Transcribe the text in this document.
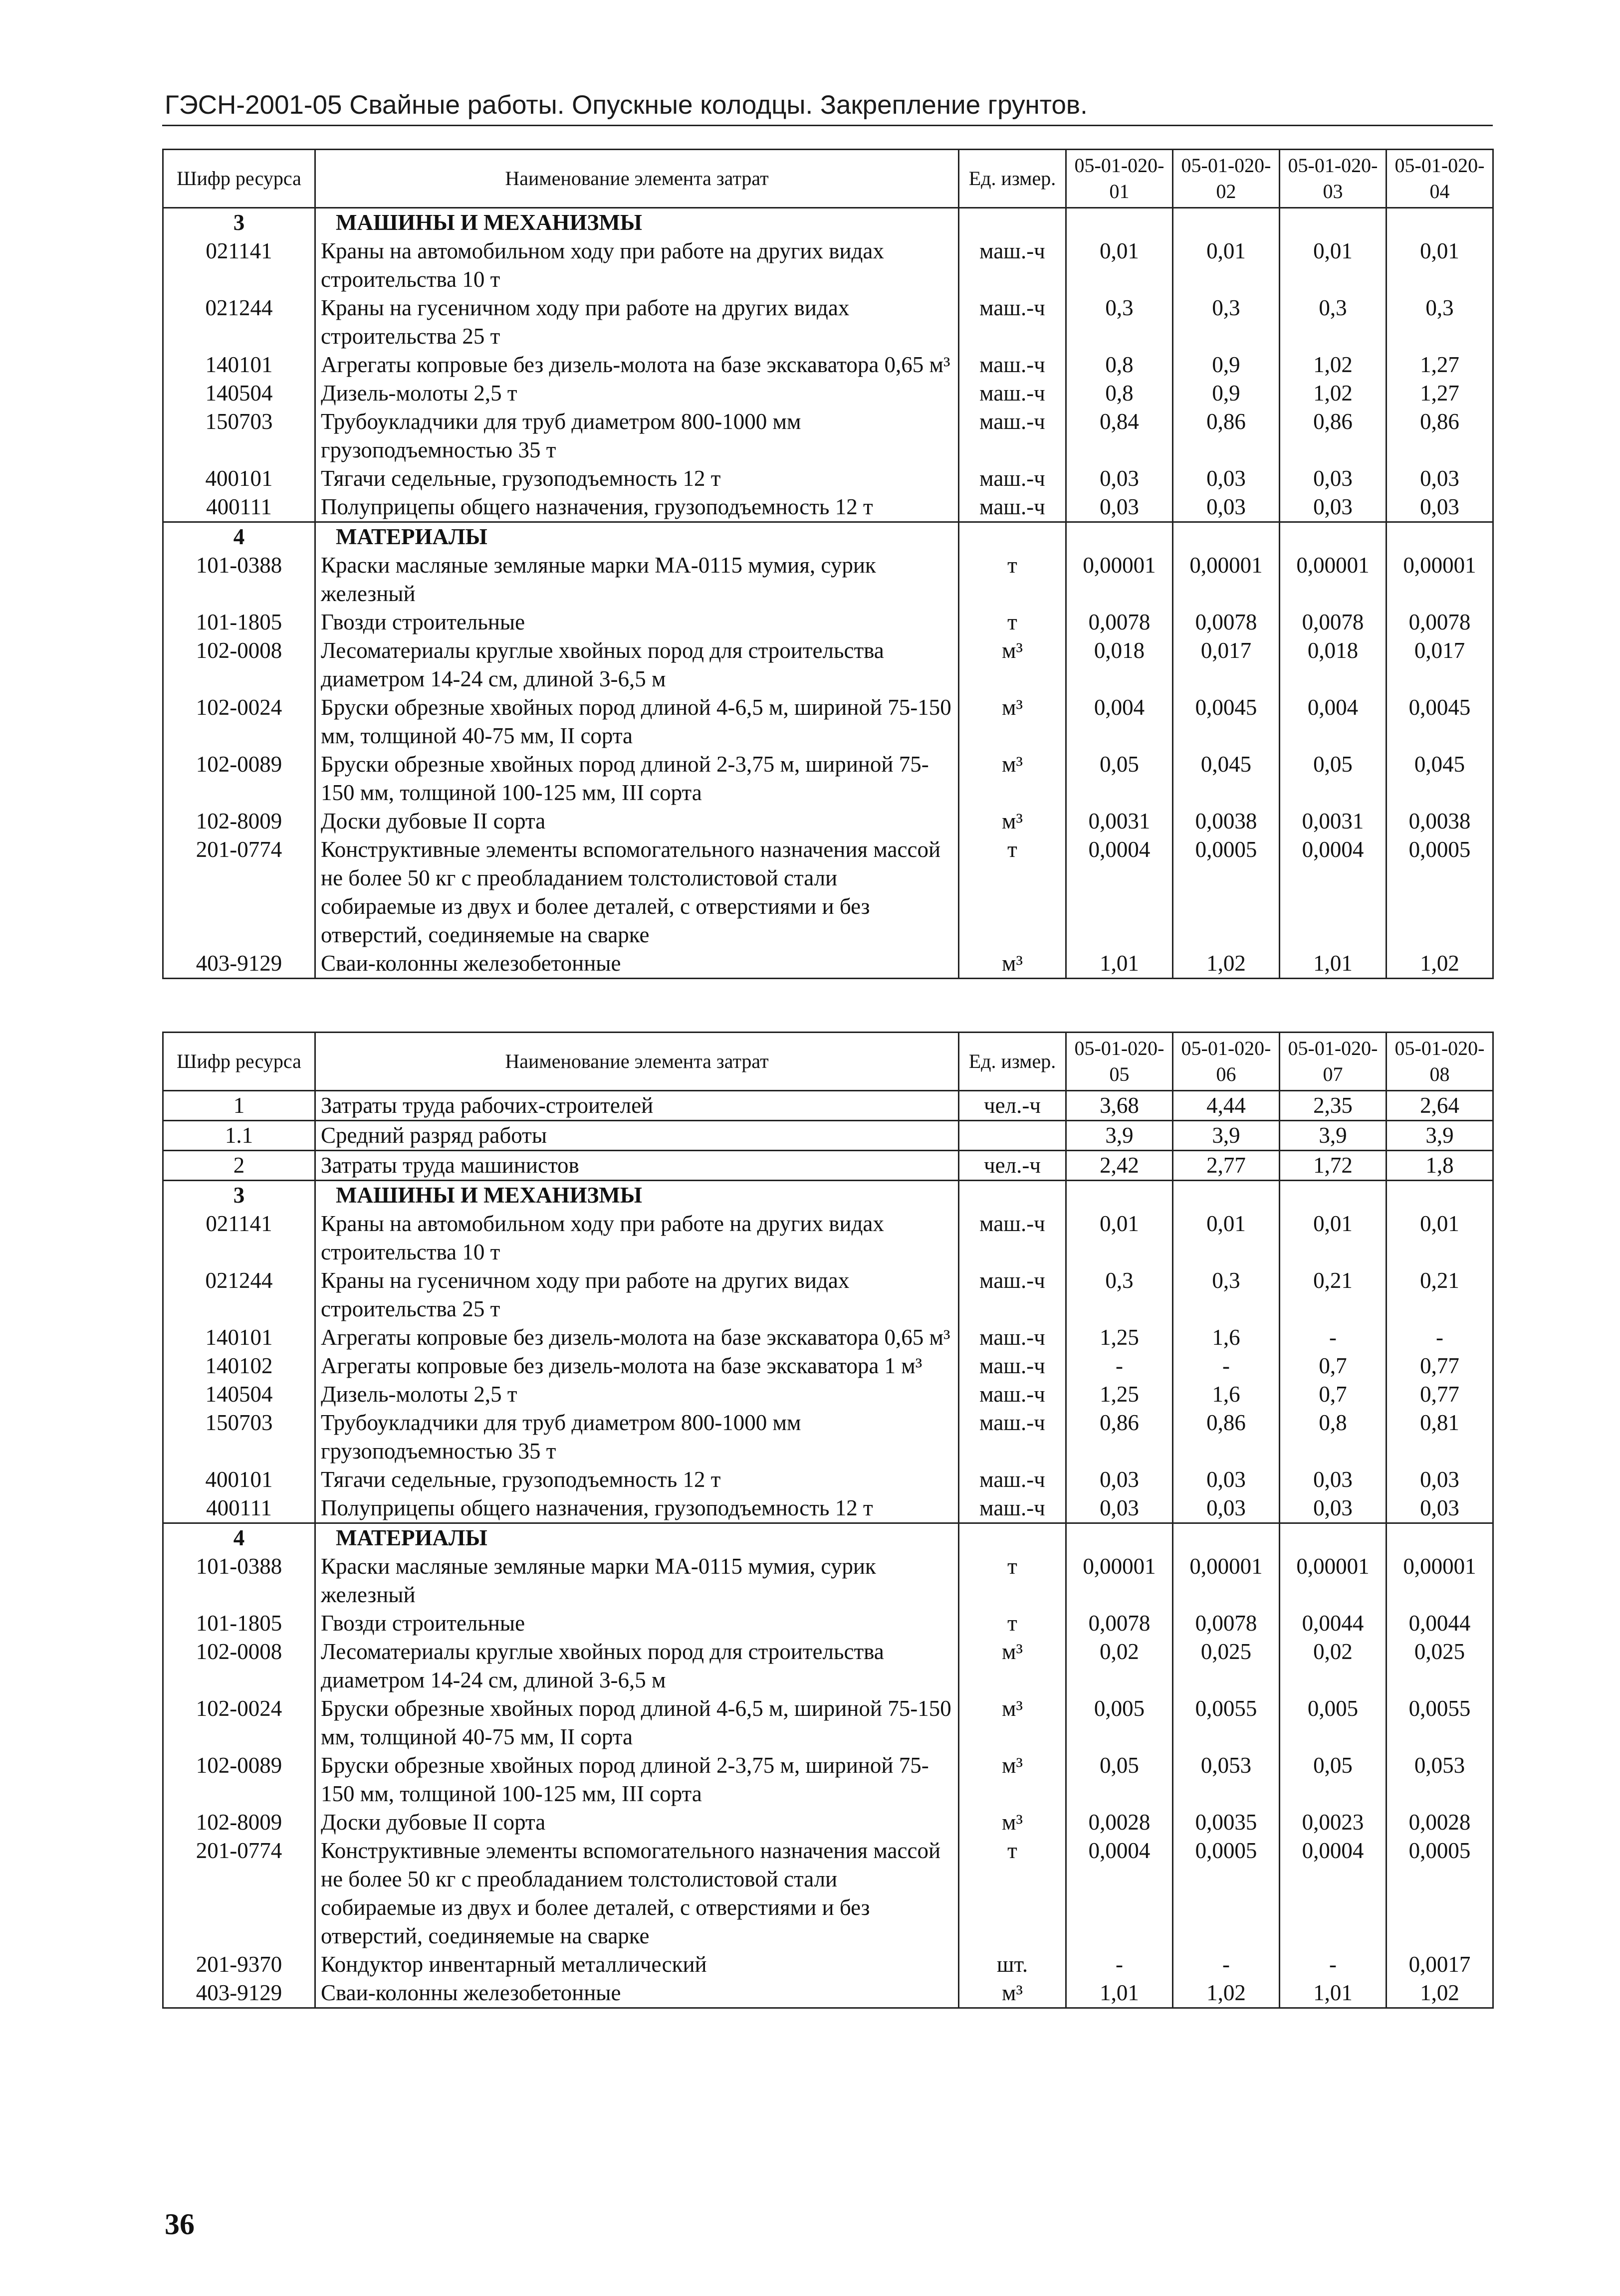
ГЭСН-2001-05 Свайные работы. Опускные колодцы. Закрепление грунтов.
Шифр ресурса	Наименование элемента затрат	Ед. измер.	05-01-020-01	05-01-020-02	05-01-020-03	05-01-020-04
3	МАШИНЫ И МЕХАНИЗМЫ					
021141	Краны на автомобильном ходу при работе на других видах строительства 10 т	маш.-ч	0,01	0,01	0,01	0,01
021244	Краны на гусеничном ходу при работе на других видах строительства 25 т	маш.-ч	0,3	0,3	0,3	0,3
140101	Агрегаты копровые без дизель-молота на базе экскаватора 0,65 м³	маш.-ч	0,8	0,9	1,02	1,27
140504	Дизель-молоты 2,5 т	маш.-ч	0,8	0,9	1,02	1,27
150703	Трубоукладчики для труб диаметром 800-1000 мм грузоподъемностью 35 т	маш.-ч	0,84	0,86	0,86	0,86
400101	Тягачи седельные, грузоподъемность 12 т	маш.-ч	0,03	0,03	0,03	0,03
400111	Полуприцепы общего назначения, грузоподъемность 12 т	маш.-ч	0,03	0,03	0,03	0,03
4	МАТЕРИАЛЫ					
101-0388	Краски масляные земляные марки МА-0115 мумия, сурик железный	т	0,00001	0,00001	0,00001	0,00001
101-1805	Гвозди строительные	т	0,0078	0,0078	0,0078	0,0078
102-0008	Лесоматериалы круглые хвойных пород для строительства диаметром 14-24 см, длиной 3-6,5 м	м³	0,018	0,017	0,018	0,017
102-0024	Бруски обрезные хвойных пород длиной 4-6,5 м, шириной 75-150 мм, толщиной 40-75 мм, II сорта	м³	0,004	0,0045	0,004	0,0045
102-0089	Бруски обрезные хвойных пород длиной 2-3,75 м, шириной 75-150 мм, толщиной 100-125 мм, III сорта	м³	0,05	0,045	0,05	0,045
102-8009	Доски дубовые II сорта	м³	0,0031	0,0038	0,0031	0,0038
201-0774	Конструктивные элементы вспомогательного назначения массой не более 50 кг с преобладанием толстолистовой стали собираемые из двух и более деталей, с отверстиями и без отверстий, соединяемые на сварке	т	0,0004	0,0005	0,0004	0,0005
403-9129	Сваи-колонны железобетонные	м³	1,01	1,02	1,01	1,02
Шифр ресурса	Наименование элемента затрат	Ед. измер.	05-01-020-05	05-01-020-06	05-01-020-07	05-01-020-08
1	Затраты труда рабочих-строителей	чел.-ч	3,68	4,44	2,35	2,64
1.1	Средний разряд работы		3,9	3,9	3,9	3,9
2	Затраты труда машинистов	чел.-ч	2,42	2,77	1,72	1,8
3	МАШИНЫ И МЕХАНИЗМЫ					
021141	Краны на автомобильном ходу при работе на других видах строительства 10 т	маш.-ч	0,01	0,01	0,01	0,01
021244	Краны на гусеничном ходу при работе на других видах строительства 25 т	маш.-ч	0,3	0,3	0,21	0,21
140101	Агрегаты копровые без дизель-молота на базе экскаватора 0,65 м³	маш.-ч	1,25	1,6	-	-
140102	Агрегаты копровые без дизель-молота на базе экскаватора 1 м³	маш.-ч	-	-	0,7	0,77
140504	Дизель-молоты 2,5 т	маш.-ч	1,25	1,6	0,7	0,77
150703	Трубоукладчики для труб диаметром 800-1000 мм грузоподъемностью 35 т	маш.-ч	0,86	0,86	0,8	0,81
400101	Тягачи седельные, грузоподъемность 12 т	маш.-ч	0,03	0,03	0,03	0,03
400111	Полуприцепы общего назначения, грузоподъемность 12 т	маш.-ч	0,03	0,03	0,03	0,03
4	МАТЕРИАЛЫ					
101-0388	Краски масляные земляные марки МА-0115 мумия, сурик железный	т	0,00001	0,00001	0,00001	0,00001
101-1805	Гвозди строительные	т	0,0078	0,0078	0,0044	0,0044
102-0008	Лесоматериалы круглые хвойных пород для строительства диаметром 14-24 см, длиной 3-6,5 м	м³	0,02	0,025	0,02	0,025
102-0024	Бруски обрезные хвойных пород длиной 4-6,5 м, шириной 75-150 мм, толщиной 40-75 мм, II сорта	м³	0,005	0,0055	0,005	0,0055
102-0089	Бруски обрезные хвойных пород длиной 2-3,75 м, шириной 75-150 мм, толщиной 100-125 мм, III сорта	м³	0,05	0,053	0,05	0,053
102-8009	Доски дубовые II сорта	м³	0,0028	0,0035	0,0023	0,0028
201-0774	Конструктивные элементы вспомогательного назначения массой не более 50 кг с преобладанием толстолистовой стали собираемые из двух и более деталей, с отверстиями и без отверстий, соединяемые на сварке	т	0,0004	0,0005	0,0004	0,0005
201-9370	Кондуктор инвентарный металлический	шт.	-	-	-	0,0017
403-9129	Сваи-колонны железобетонные	м³	1,01	1,02	1,01	1,02
36
